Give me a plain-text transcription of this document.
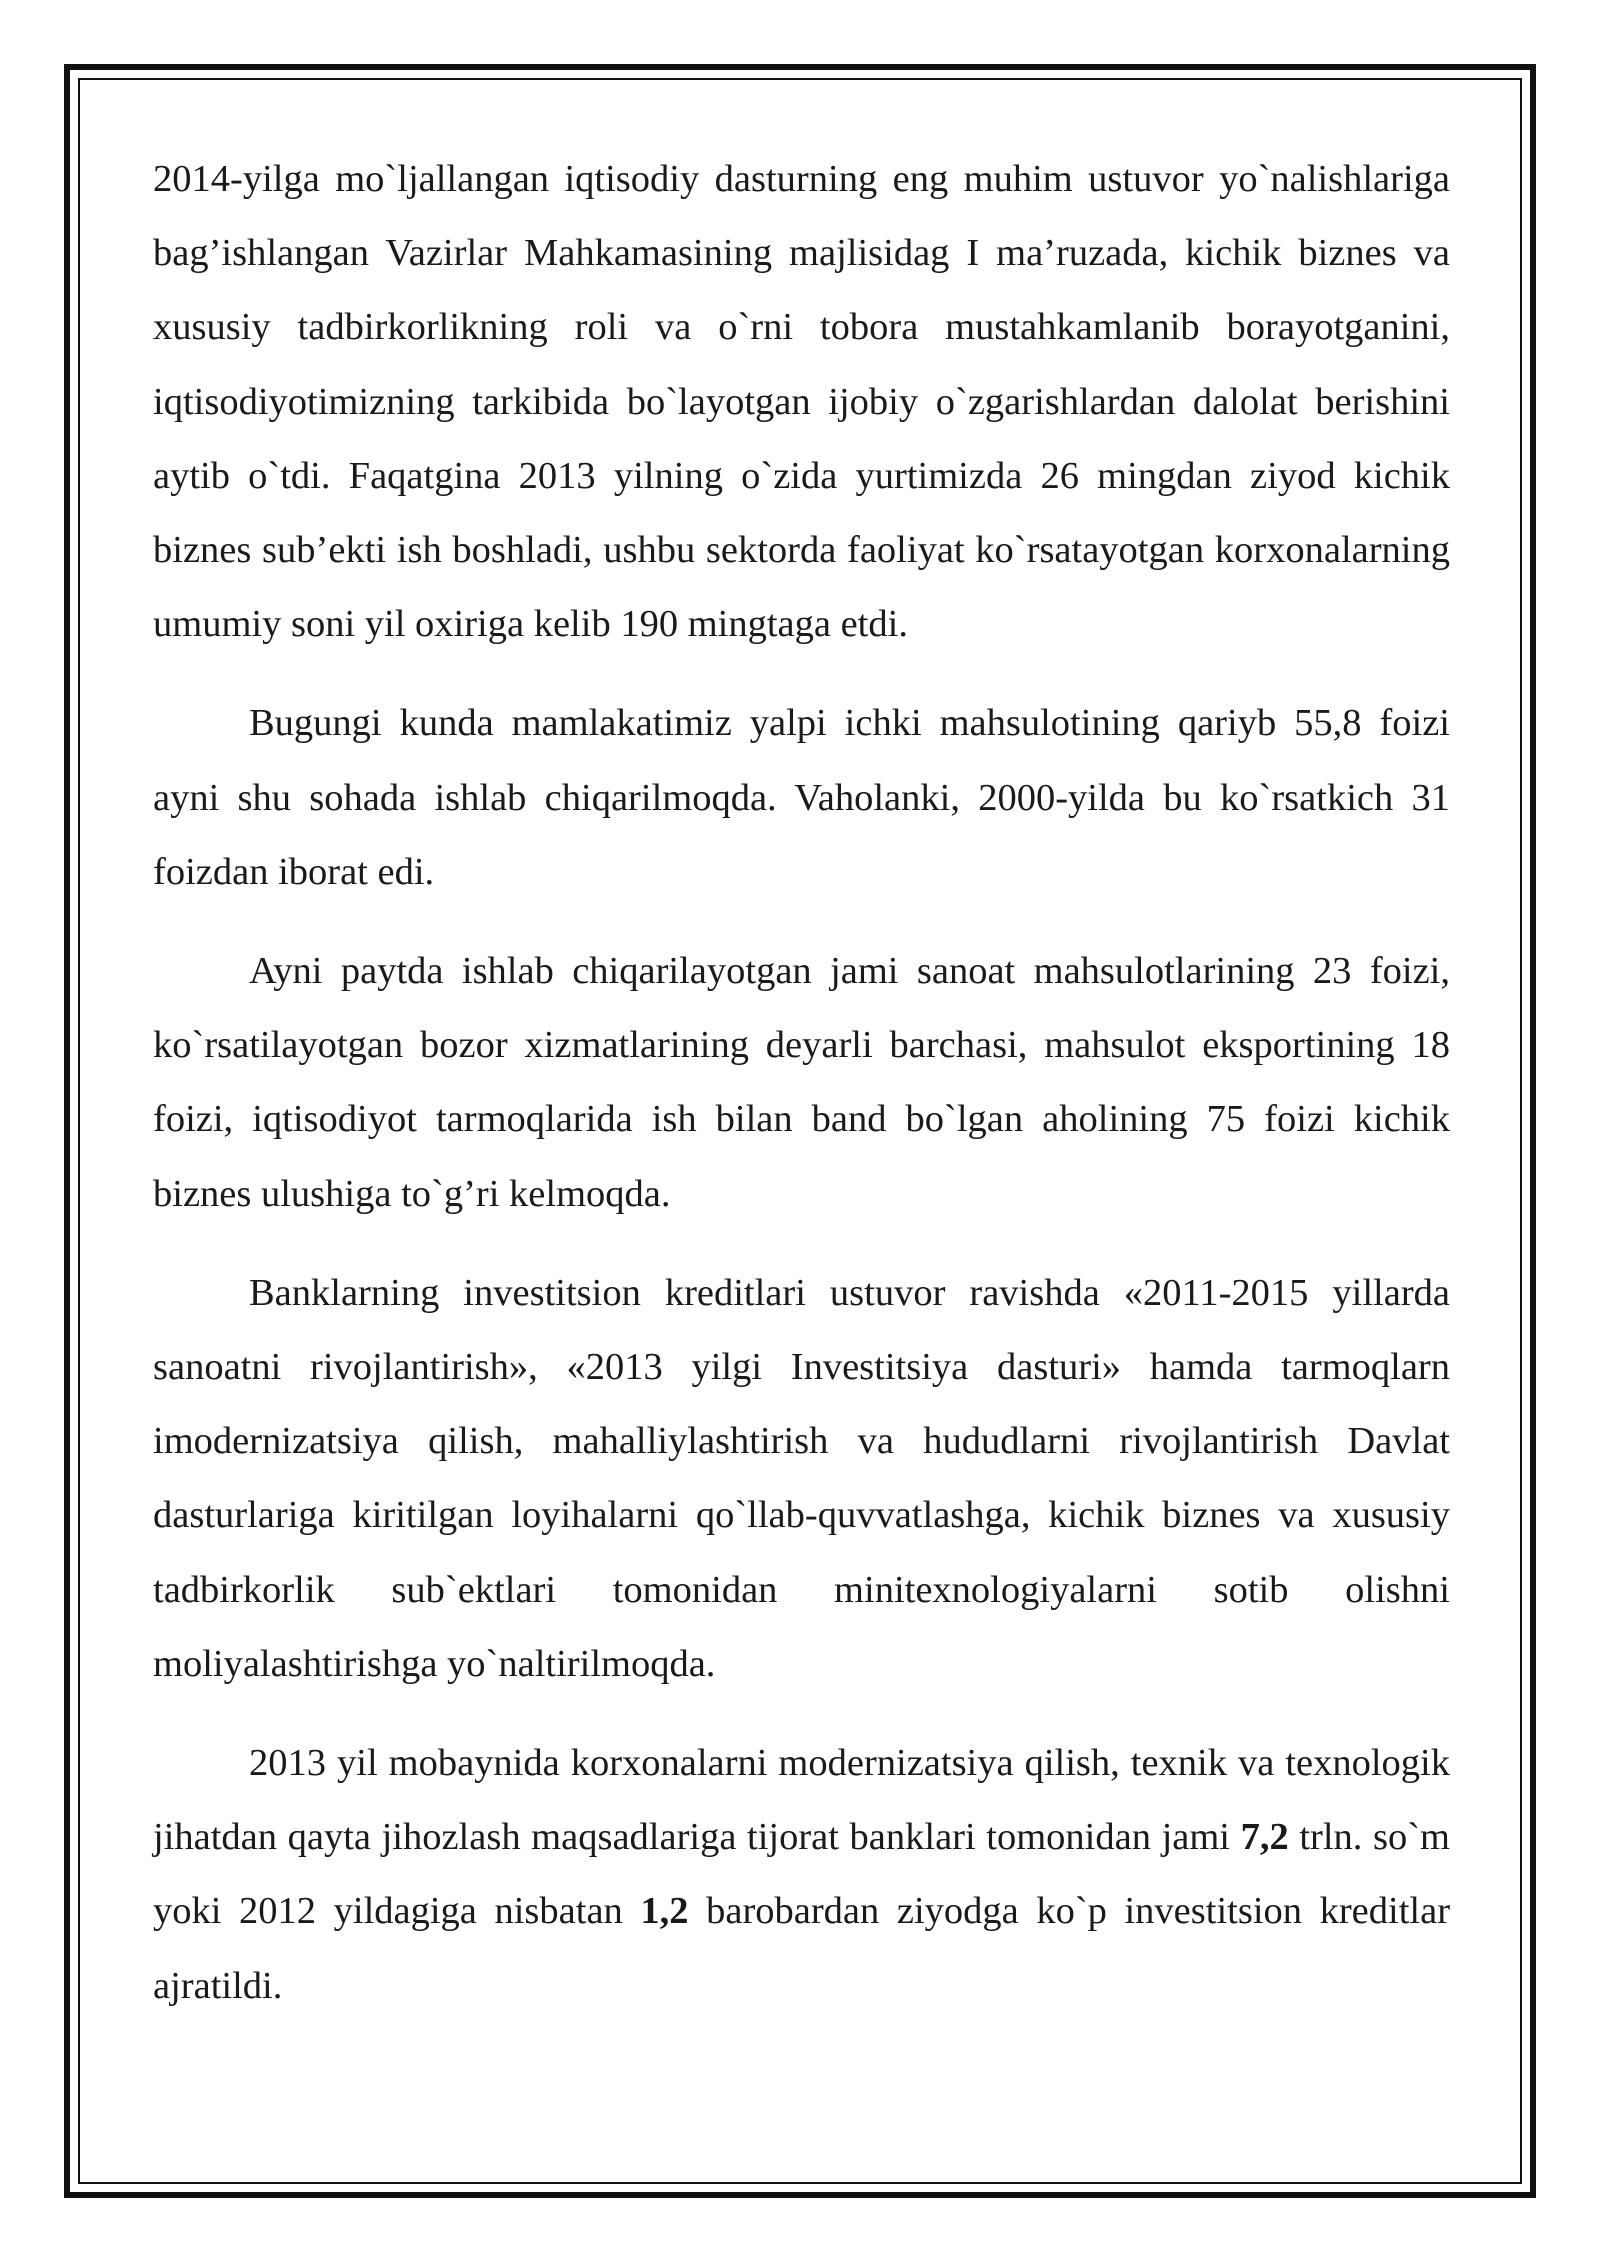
2014-yilga mo`ljallangan iqtisodiy dasturning eng muhim ustuvor yo`nalishlariga bag’ishlangan Vazirlar Mahkamasining majlisidag I ma’ruzada, kichik biznes va xususiy tadbirkorlikning roli va o`rni tobora mustahkamlanib borayotganini, iqtisodiyotimizning tarkibida bo`layotgan ijobiy o`zgarishlardan dalolat berishini aytib o`tdi. Faqatgina 2013 yilning o`zida yurtimizda 26 mingdan ziyod kichik biznes sub’ekti ish boshladi, ushbu sektorda faoliyat ko`rsatayotgan korxonalarning umumiy soni yil oxiriga kelib 190 mingtaga etdi.

Bugungi kunda mamlakatimiz yalpi ichki mahsulotining qariyb 55,8 foizi ayni shu sohada ishlab chiqarilmoqda. Vaholanki, 2000-yilda bu ko`rsatkich 31 foizdan iborat edi.

Ayni paytda ishlab chiqarilayotgan jami sanoat mahsulotlarining 23 foizi, ko`rsatilayotgan bozor xizmatlarining deyarli barchasi, mahsulot eksportining 18 foizi, iqtisodiyot tarmoqlarida ish bilan band bo`lgan aholining 75 foizi kichik biznes ulushiga to`g’ri kelmoqda.

Banklarning investitsion kreditlari ustuvor ravishda «2011-2015 yillarda sanoatni rivojlantirish», «2013 yilgi Investitsiya dasturi» hamda tarmoqlarn imodernizatsiya qilish, mahalliylashtirish va hududlarni rivojlantirish Davlat dasturlariga kiritilgan loyihalarni qo`llab-quvvatlashga, kichik biznes va xususiy tadbirkorlik sub`ektlari tomonidan minitexnologiyalarni sotib olishni moliyalashtirishga yo`naltirilmoqda.

2013 yil mobaynida korxonalarni modernizatsiya qilish, texnik va texnologik jihatdan qayta jihozlash maqsadlariga tijorat banklari tomonidan jami 7,2 trln. so`m yoki 2012 yildagiga nisbatan 1,2 barobardan ziyodga ko`p investitsion kreditlar ajratildi.
